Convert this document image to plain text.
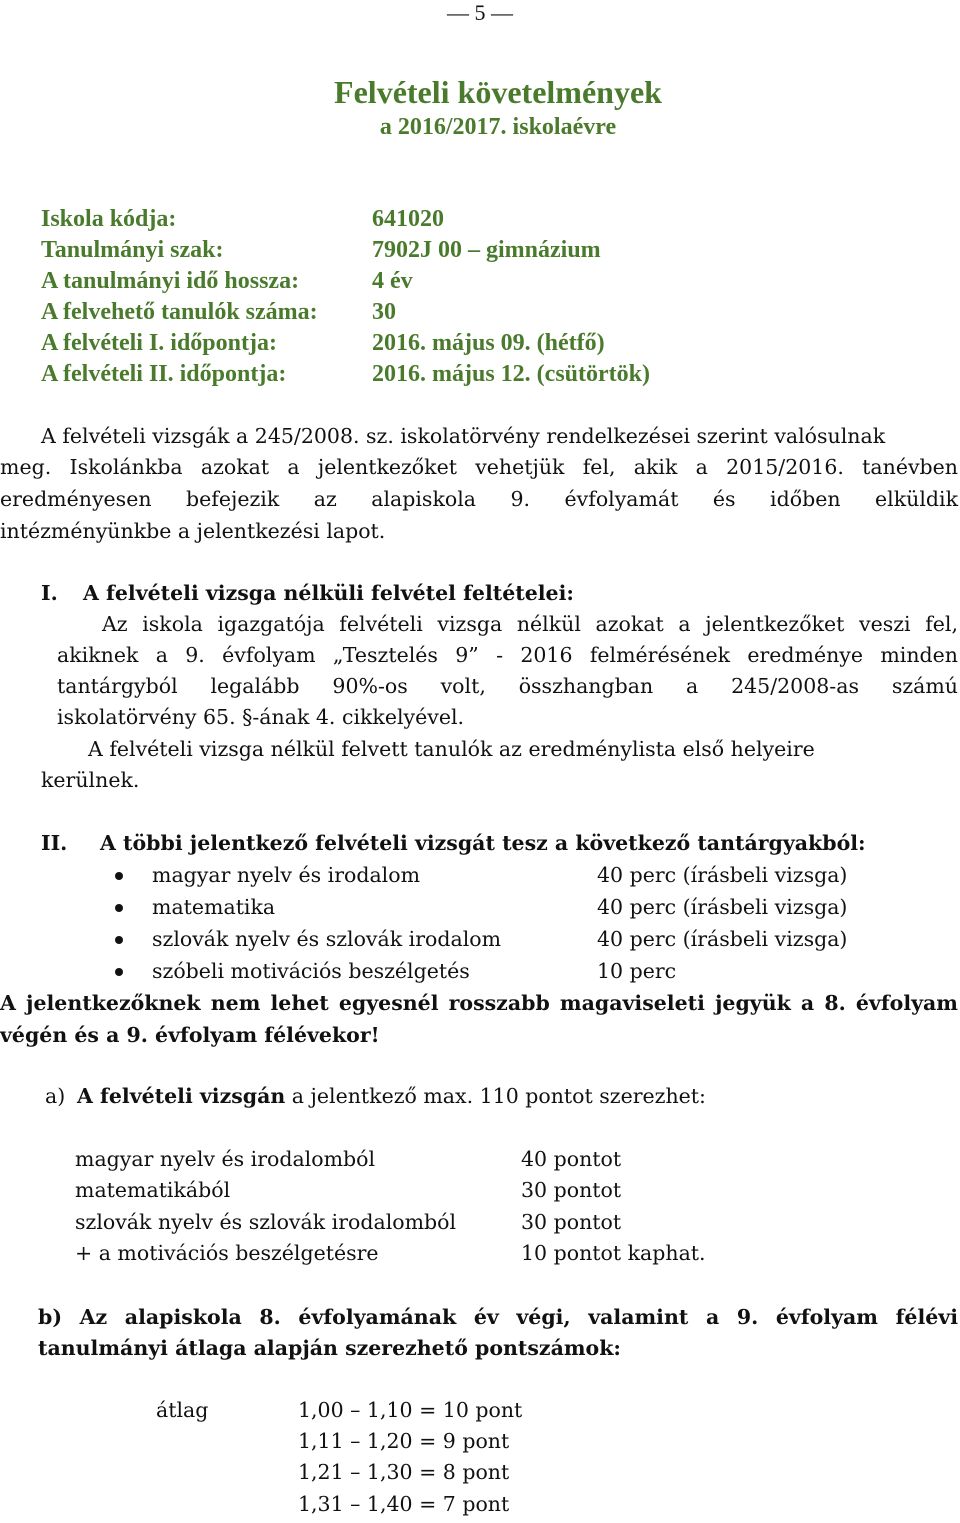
— 5 —
Felvételi követelmények
a 2016/2017. iskolaévre
Iskola kódja:	641020
Tanulmányi szak:	7902J 00 – gimnázium
A tanulmányi idő hossza:	4 év
A felvehető tanulók száma: 30
A felvételi I. időpontja:	2016. május 09. (hétfő)
A felvételi II. időpontja:	2016. május 12. (csütörtök)
A felvételi vizsgák a 245/2008. sz. iskolatörvény rendelkezései szerint valósulnak
meg. Iskolánkba azokat a jelentkezőket vehetjük fel, akik a 2015/2016. tanévben
eredményesen befejezik az alapiskola 9. évfolyamát és időben elküldik
intézményünkbe a jelentkezési lapot.
I.	A felvételi vizsga nélküli felvétel feltételei:
Az iskola igazgatója felvételi vizsga nélkül azokat a jelentkezőket veszi fel,
akiknek a 9. évfolyam „Tesztelés 9” - 2016 felmérésének eredménye minden
tantárgyból legalább 90%-os volt, összhangban a 245/2008-as számú
iskolatörvény 65. §-ának 4. cikkelyével.
A felvételi vizsga nélkül felvett tanulók az eredménylista első helyeire
kerülnek.
II.	A többi jelentkező felvételi vizsgát tesz a következő tantárgyakból:
magyar nyelv és irodalom	40 perc (írásbeli vizsga)
matematika	40 perc (írásbeli vizsga)
szlovák nyelv és szlovák irodalom	40 perc (írásbeli vizsga)
szóbeli motivációs beszélgetés	10 perc
A jelentkezőknek nem lehet egyesnél rosszabb magaviseleti jegyük a 8. évfolyam
végén és a 9. évfolyam félévekor!
a) A felvételi vizsgán a jelentkező max. 110 pontot szerezhet:
magyar nyelv és irodalomból	40 pontot
matematikából	30 pontot
szlovák nyelv és szlovák irodalomból	30 pontot
+ a motivációs beszélgetésre	10 pontot kaphat.
b) Az alapiskola 8. évfolyamának év végi, valamint a 9. évfolyam félévi
tanulmányi átlaga alapján szerezhető pontszámok:
átlag	1,00 – 1,10 = 10 pont
1,11 – 1,20 = 9 pont
1,21 – 1,30 = 8 pont
1,31 – 1,40 = 7 pont
